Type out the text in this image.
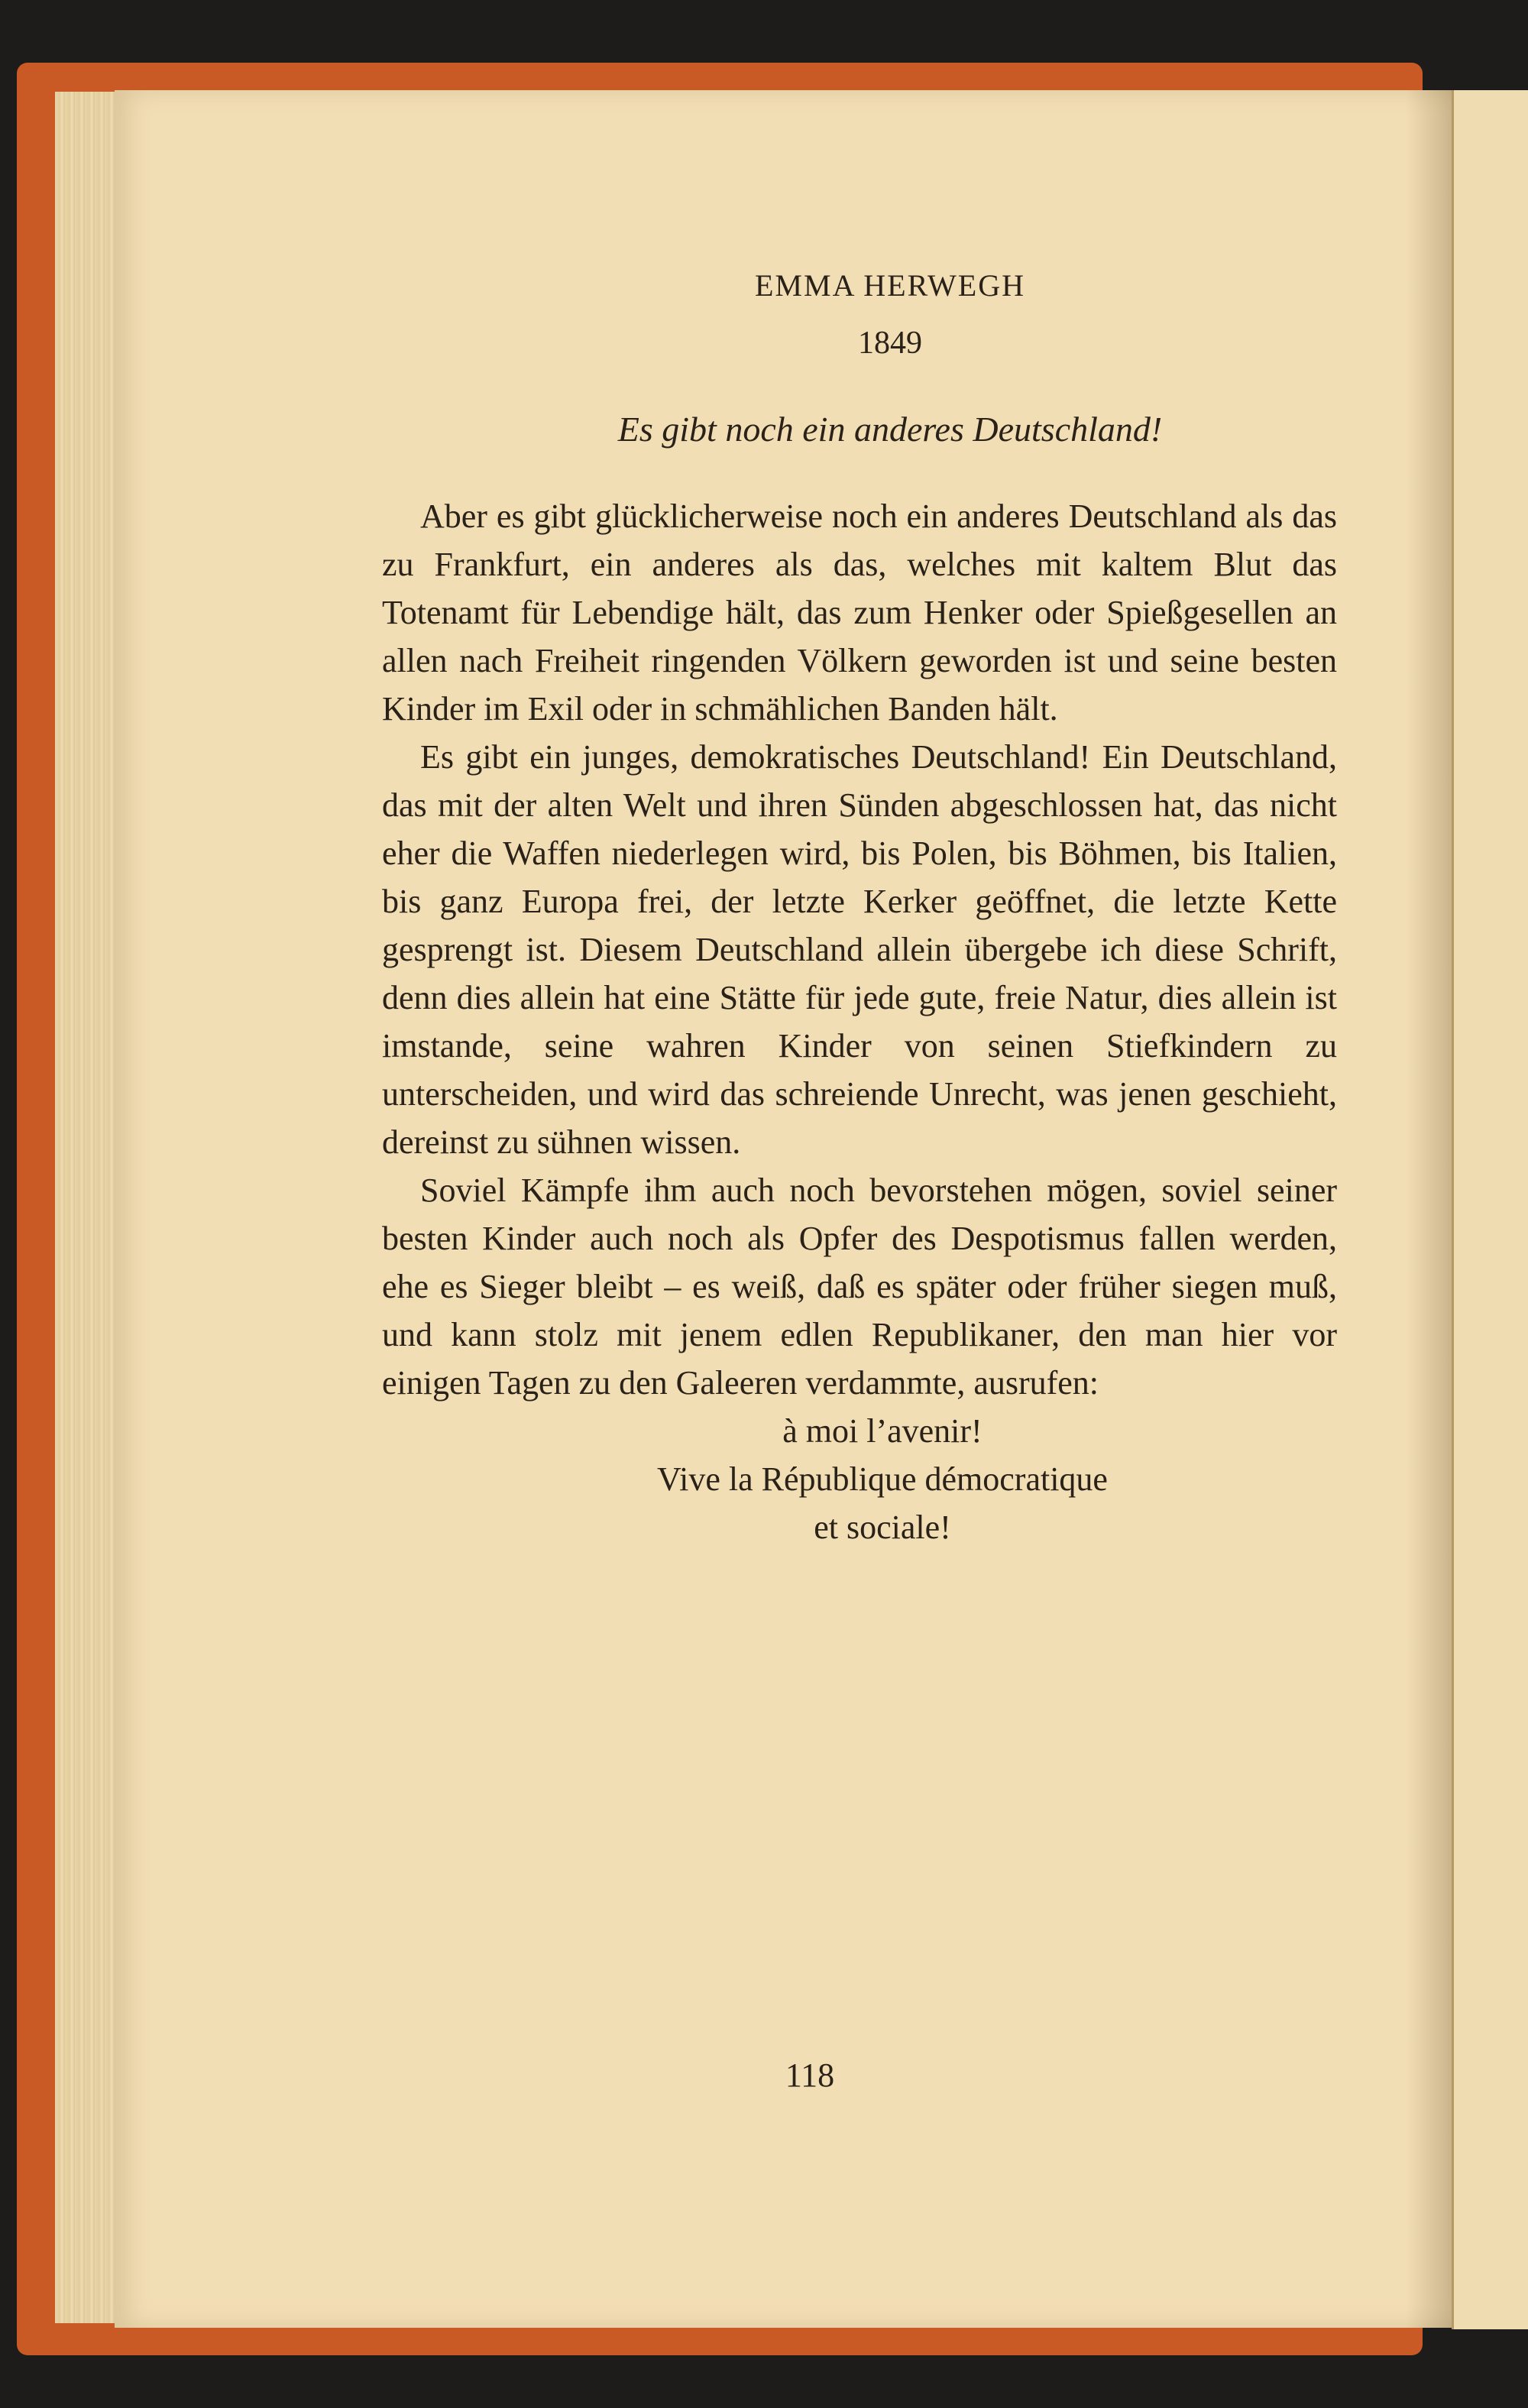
EMMA HERWEGH
1849
Es gibt noch ein anderes Deutschland!

Aber es gibt glücklicherweise noch ein anderes Deutschland als das zu Frankfurt, ein anderes als das, welches mit kaltem Blut das Totenamt für Lebendige hält, das zum Henker oder Spießgesellen an allen nach Freiheit ringenden Völkern geworden ist und seine besten Kinder im Exil oder in schmählichen Banden hält.

Es gibt ein junges, demokratisches Deutschland! Ein Deutschland, das mit der alten Welt und ihren Sünden abgeschlossen hat, das nicht eher die Waffen niederlegen wird, bis Polen, bis Böhmen, bis Italien, bis ganz Europa frei, der letzte Kerker geöffnet, die letzte Kette gesprengt ist. Diesem Deutschland allein übergebe ich diese Schrift, denn dies allein hat eine Stätte für jede gute, freie Natur, dies allein ist imstande, seine wahren Kinder von seinen Stiefkindern zu unterscheiden, und wird das schreiende Unrecht, was jenen geschieht, dereinst zu sühnen wissen.

Soviel Kämpfe ihm auch noch bevorstehen mögen, soviel seiner besten Kinder auch noch als Opfer des Despotismus fallen werden, ehe es Sieger bleibt – es weiß, daß es später oder früher siegen muß, und kann stolz mit jenem edlen Republikaner, den man hier vor einigen Tagen zu den Galeeren verdammte, ausrufen:

à moi l’avenir!
Vive la République démocratique
et sociale!
118
